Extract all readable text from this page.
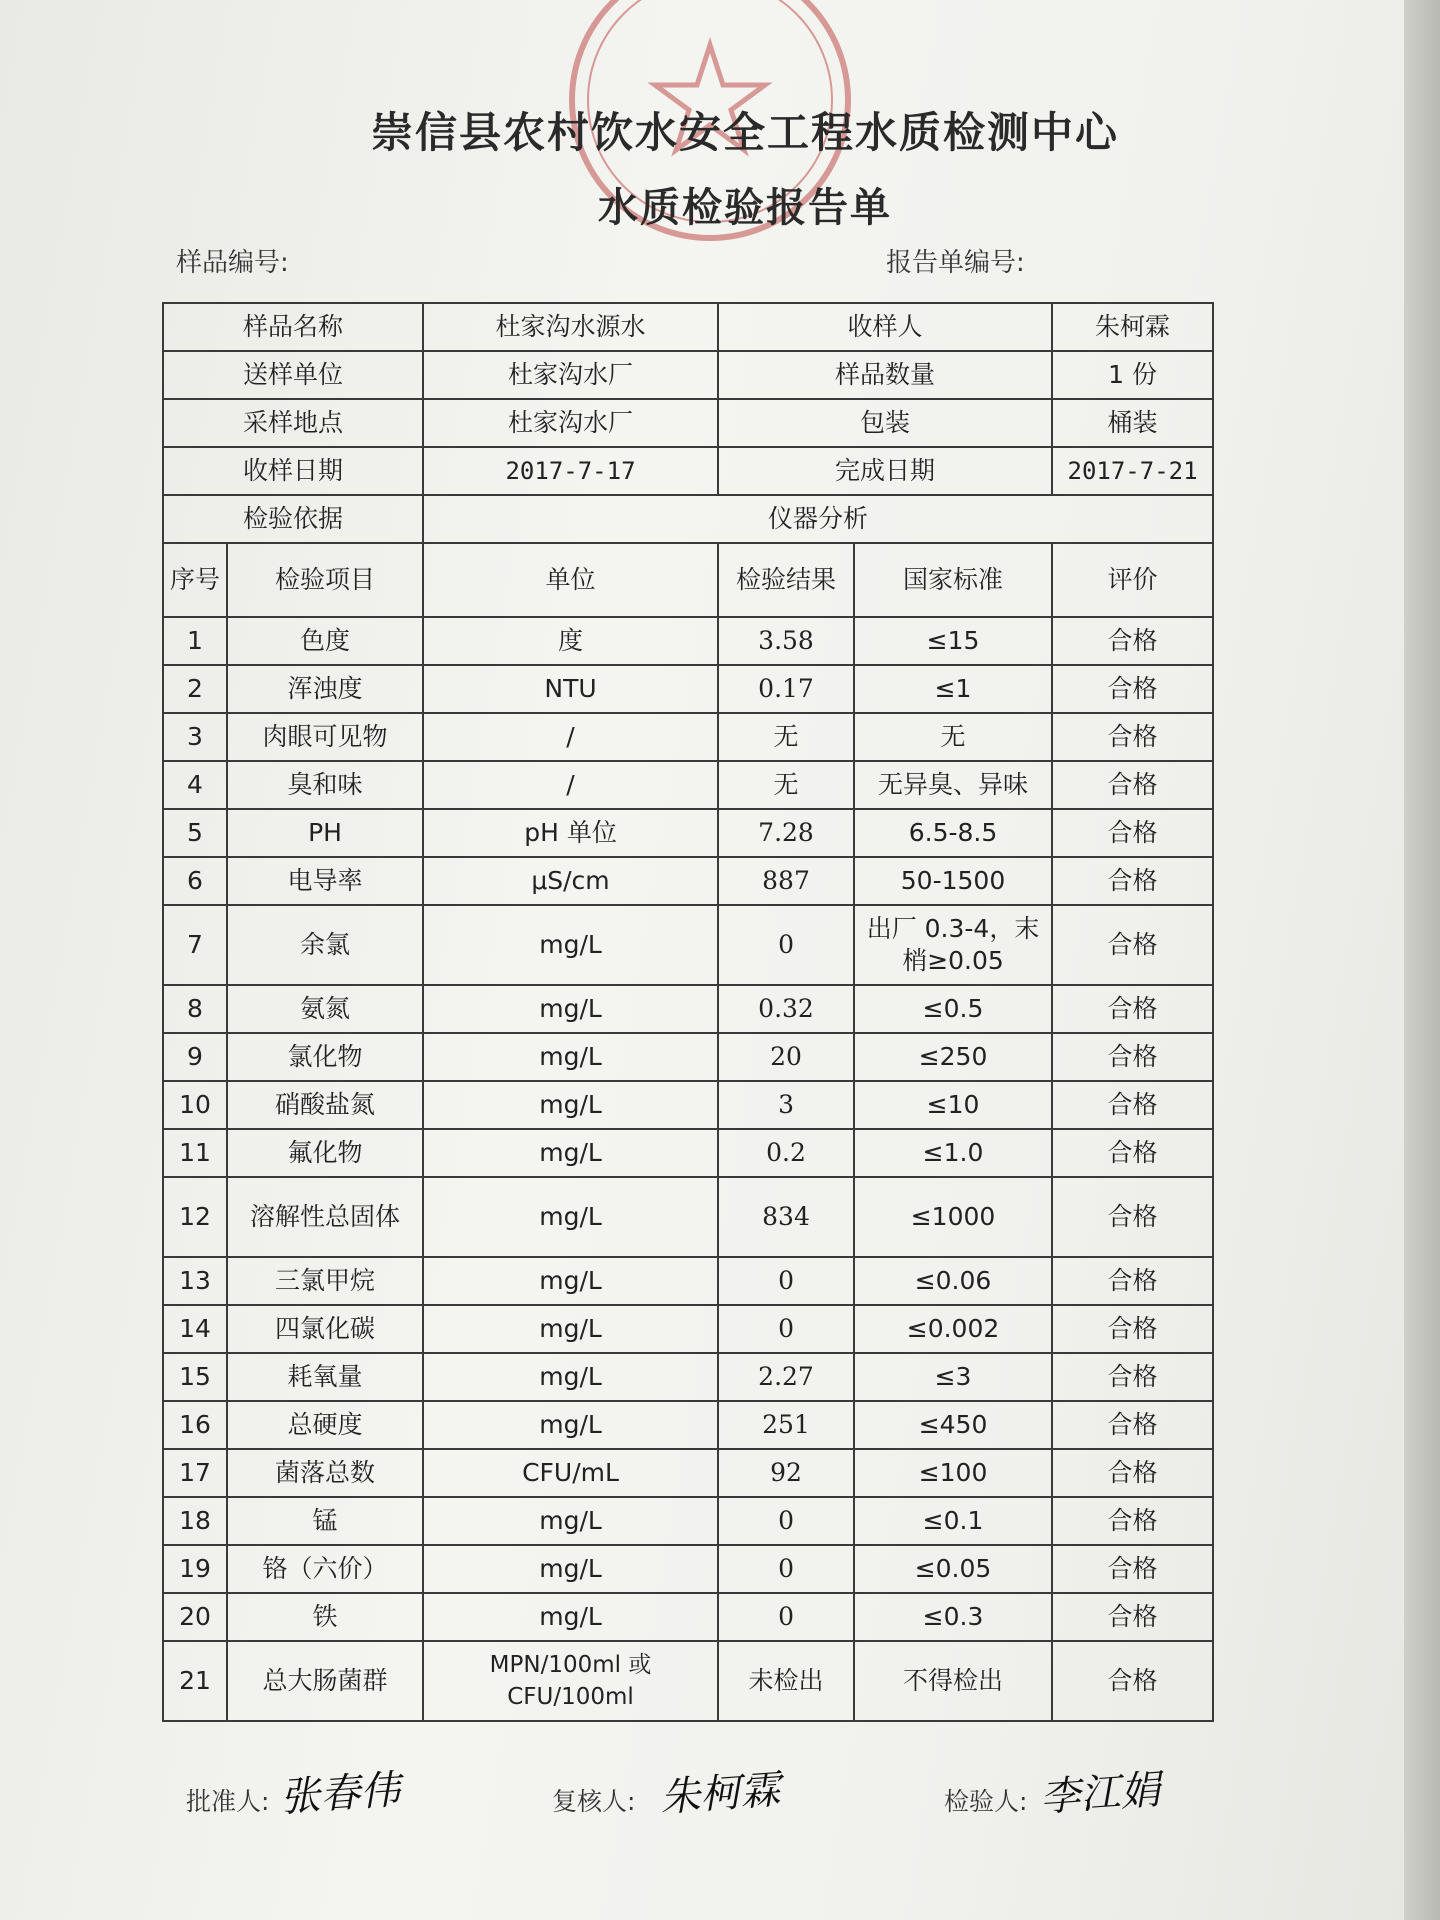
崇信县农村饮水安全工程水质检测中心
水质检验报告单
样品编号:	报告单编号:
样品名称		杜家沟水源水	收样人		朱柯霖
送样单位		杜家沟水厂	样品数量		1 份
采样地点		杜家沟水厂	包装		桶装
收样日期		2017-7-17	完成日期		2017-7-21
检验依据		仪器分析			
序号	检验项目	单位	检验结果	国家标准	评价
1	色度	度	3.58	≤15	合格
2	浑浊度	NTU	0.17	≤1	合格
3	肉眼可见物	/	无	无	合格
4	臭和味	/	无	无异臭、异味	合格
5	PH	pH 单位	7.28	6.5-8.5	合格
6	电导率	μS/cm	887	50-1500	合格
7	余氯	mg/L	0	出厂 0.3-4，末梢≥0.05	合格
8	氨氮	mg/L	0.32	≤0.5	合格
9	氯化物	mg/L	20	≤250	合格
10	硝酸盐氮	mg/L	3	≤10	合格
11	氟化物	mg/L	0.2	≤1.0	合格
12	溶解性总固体	mg/L	834	≤1000	合格
13	三氯甲烷	mg/L	0	≤0.06	合格
14	四氯化碳	mg/L	0	≤0.002	合格
15	耗氧量	mg/L	2.27	≤3	合格
16	总硬度	mg/L	251	≤450	合格
17	菌落总数	CFU/mL	92	≤100	合格
18	锰	mg/L	0	≤0.1	合格
19	铬（六价）	mg/L	0	≤0.05	合格
20	铁	mg/L	0	≤0.3	合格
21	总大肠菌群	MPN/100ml 或 CFU/100ml	未检出	不得检出	合格
批准人: 张春伟	复核人: 朱柯霖	检验人: 李江娟
